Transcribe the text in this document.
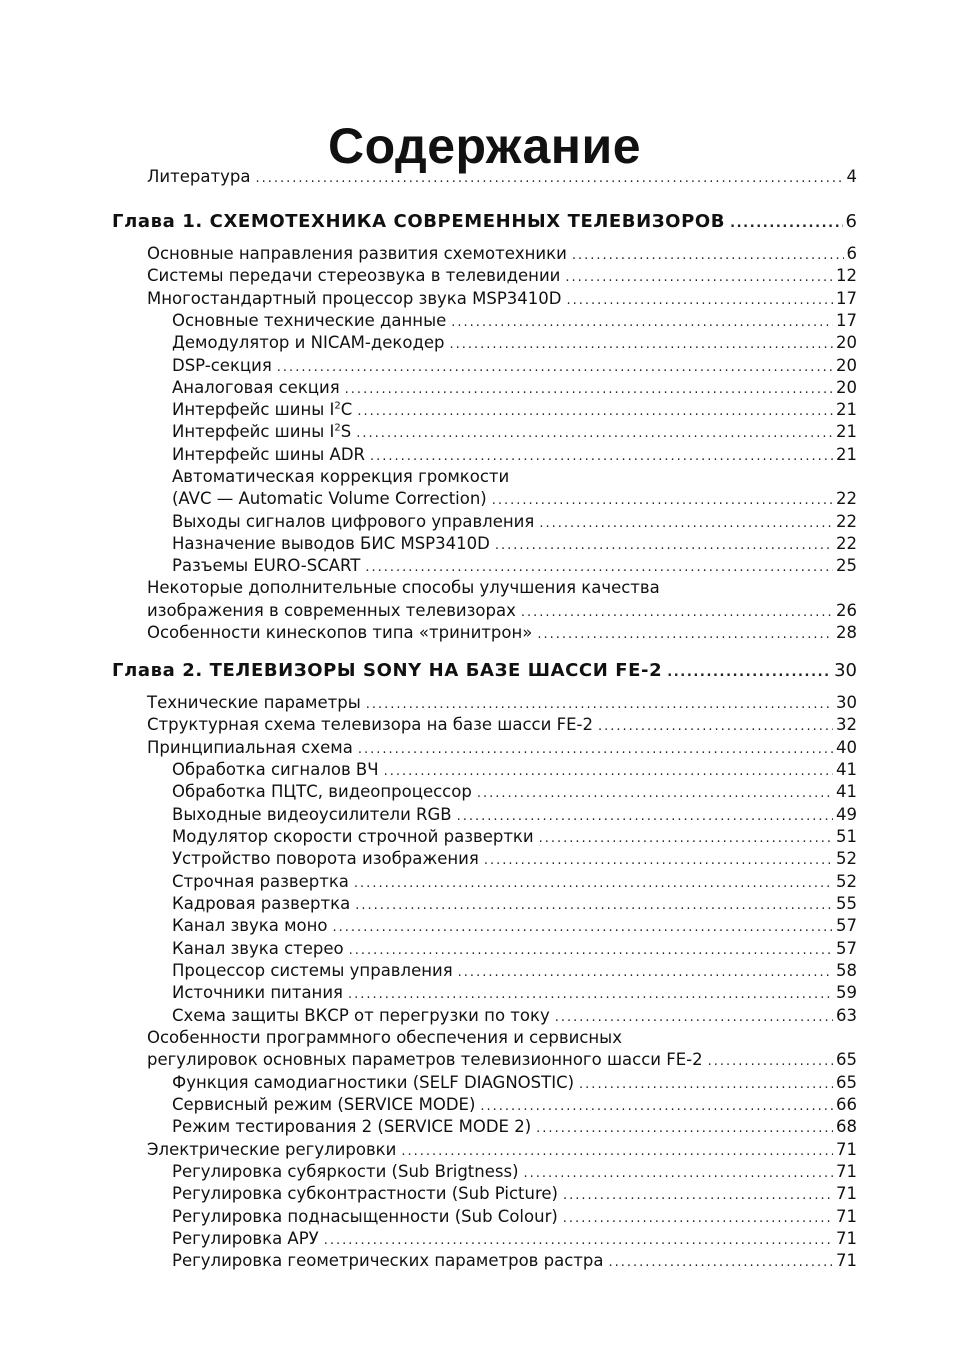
Содержание
Литература .....	4
Глава 1. СХЕМОТЕХНИКА СОВРЕМЕННЫХ ТЕЛЕВИЗОРОВ .....	6
Основные направления развития схемотехники .....	6
Системы передачи стереозвука в телевидении .....	12
Многостандартный процессор звука MSP3410D .....	17
Основные технические данные .....	17
Демодулятор и NICAM-декодер .....	20
DSP-секция .....	20
Аналоговая секция .....	20
Интерфейс шины $I^2C$ .....	21
Интерфейс шины $I^2S$ .....	21
Интерфейс шины ADR .....	21
Автоматическая коррекция громкости
(AVC — Automatic Volume Correction) .....	22
Выходы сигналов цифрового управления .....	22
Назначение выводов БИС MSP3410D .....	22
Разъемы EURO-SCART .....	25
Некоторые дополнительные способы улучшения качества
изображения в современных телевизорах .....	26
Особенности кинескопов типа «тринитрон» .....	28
Глава 2. ТЕЛЕВИЗОРЫ SONY НА БАЗЕ ШАССИ FE-2 .....	30
Технические параметры .....	30
Структурная схема телевизора на базе шасси FE-2 .....	32
Принципиальная схема .....	40
Обработка сигналов ВЧ .....	41
Обработка ПЦТС, видеопроцессор .....	41
Выходные видеоусилители RGB .....	49
Модулятор скорости строчной развертки .....	51
Устройство поворота изображения .....	52
Строчная развертка .....	52
Кадровая развертка .....	55
Канал звука моно .....	57
Канал звука стерео .....	57
Процессор системы управления .....	58
Источники питания .....	59
Схема защиты ВКСР от перегрузки по току .....	63
Особенности программного обеспечения и сервисных
регулировок основных параметров телевизионного шасси FE-2 .....	65
Функция самодиагностики (SELF DIAGNOSTIC) .....	65
Сервисный режим (SERVICE MODE) .....	66
Режим тестирования 2 (SERVICE MODE 2) .....	68
Электрические регулировки .....	71
Регулировка субяркости (Sub Brigtness) .....	71
Регулировка субконтрастности (Sub Picture) .....	71
Регулировка поднасыщенности (Sub Colour) .....	71
Регулировка АРУ .....	71
Регулировка геометрических параметров растра .....	71
